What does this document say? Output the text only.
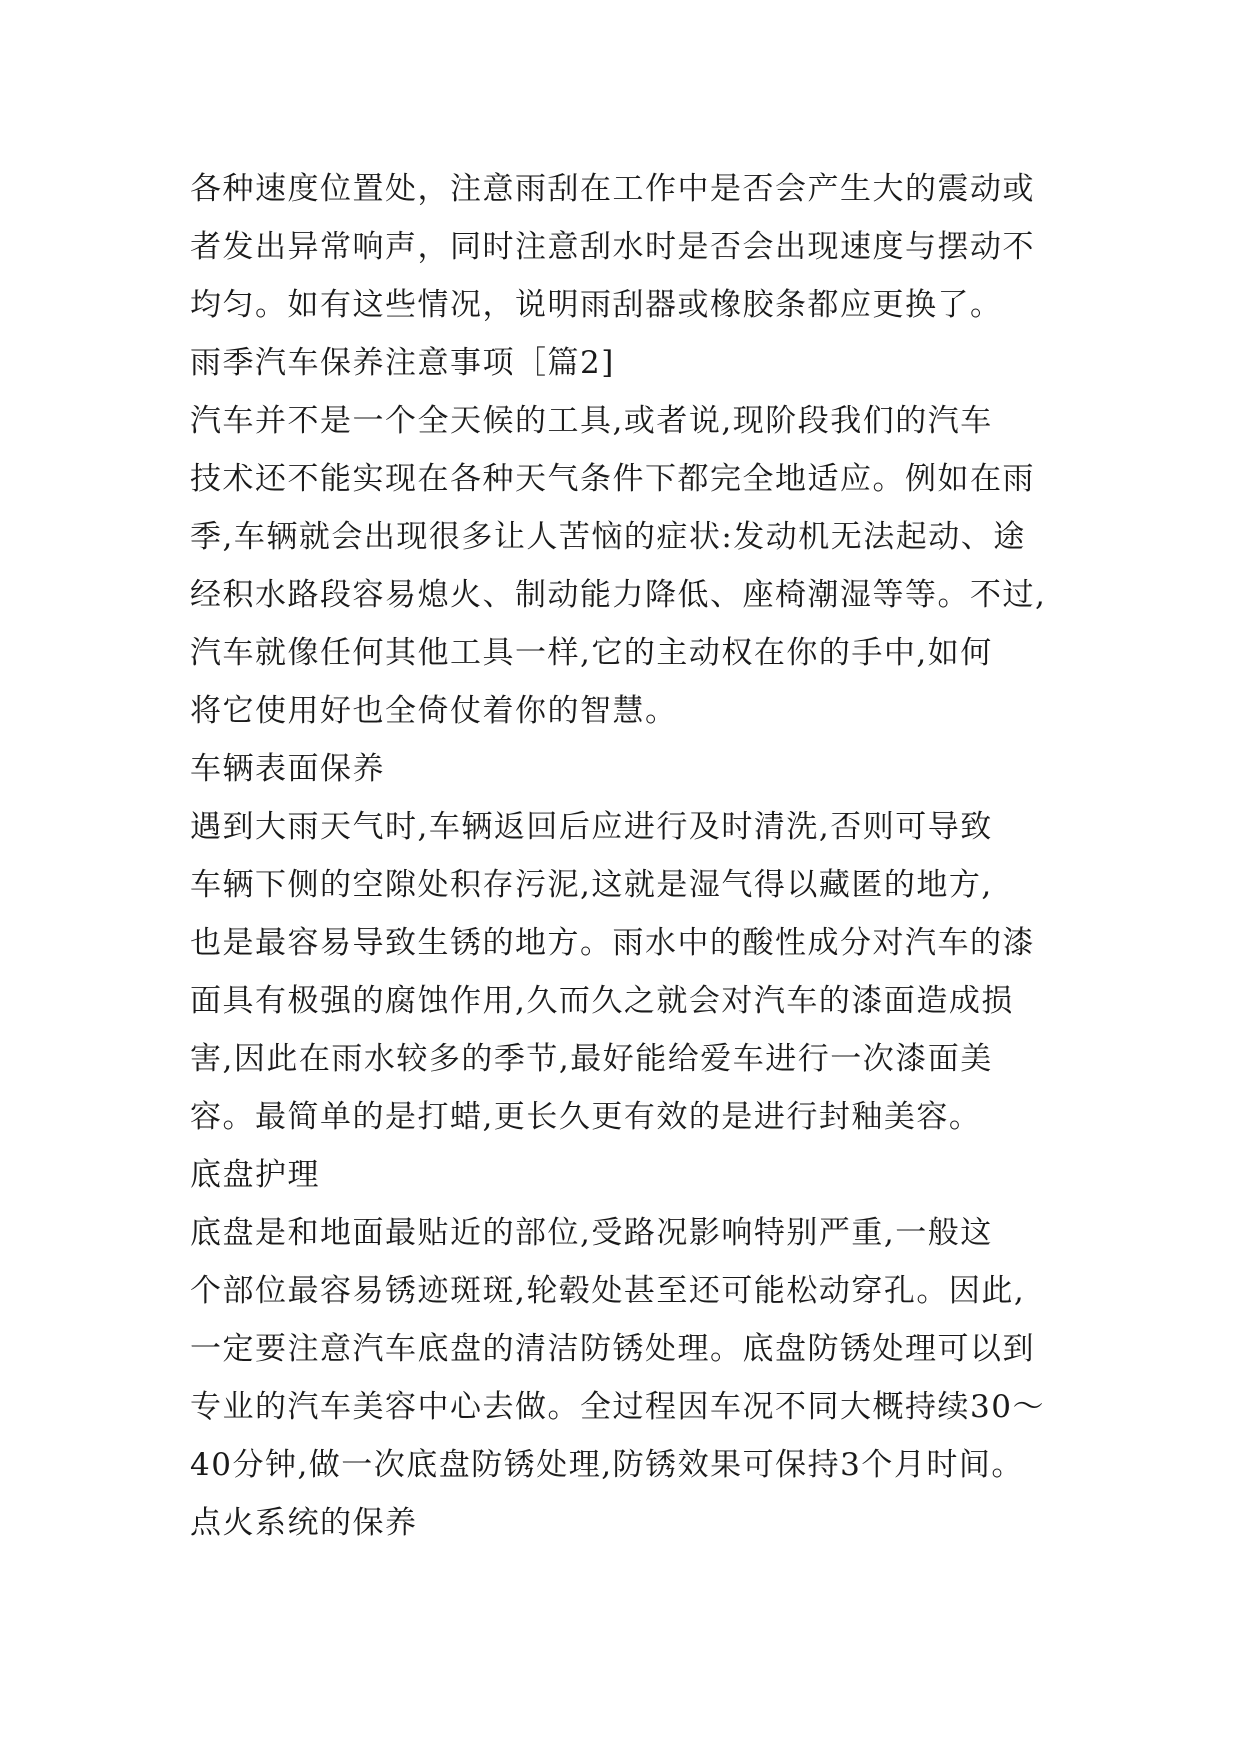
各种速度位置处，注意雨刮在工作中是否会产生大的震动或
者发出异常响声，同时注意刮水时是否会出现速度与摆动不
均匀。如有这些情况，说明雨刮器或橡胶条都应更换了。
雨季汽车保养注意事项［篇2]
汽车并不是一个全天候的工具,或者说,现阶段我们的汽车
技术还不能实现在各种天气条件下都完全地适应。例如在雨
季,车辆就会出现很多让人苦恼的症状:发动机无法起动、途
经积水路段容易熄火、制动能力降低、座椅潮湿等等。不过,
汽车就像任何其他工具一样,它的主动权在你的手中,如何
将它使用好也全倚仗着你的智慧。
车辆表面保养
遇到大雨天气时,车辆返回后应进行及时清洗,否则可导致
车辆下侧的空隙处积存污泥,这就是湿气得以藏匿的地方,
也是最容易导致生锈的地方。雨水中的酸性成分对汽车的漆
面具有极强的腐蚀作用,久而久之就会对汽车的漆面造成损
害,因此在雨水较多的季节,最好能给爱车进行一次漆面美
容。最简单的是打蜡,更长久更有效的是进行封釉美容。
底盘护理
底盘是和地面最贴近的部位,受路况影响特别严重,一般这
个部位最容易锈迹斑斑,轮毂处甚至还可能松动穿孔。因此,
一定要注意汽车底盘的清洁防锈处理。底盘防锈处理可以到
专业的汽车美容中心去做。全过程因车况不同大概持续30～
40分钟,做一次底盘防锈处理,防锈效果可保持3个月时间。
点火系统的保养
